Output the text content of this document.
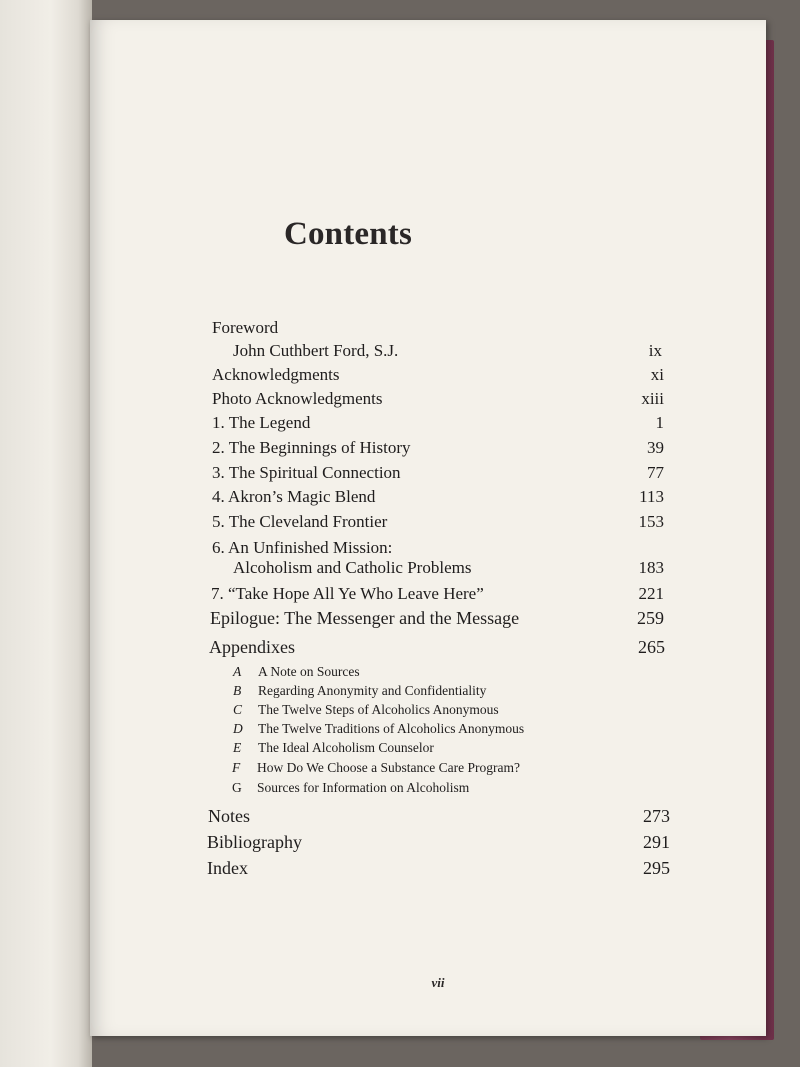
Contents
Foreword
John Cuthbert Ford, S.J.	ix
Acknowledgments	xi
Photo Acknowledgments	xiii
1. The Legend	1
2. The Beginnings of History	39
3. The Spiritual Connection	77
4. Akron’s Magic Blend	113
5. The Cleveland Frontier	153
6. An Unfinished Mission:
Alcoholism and Catholic Problems	183
7. “Take Hope All Ye Who Leave Here”	221
Epilogue: The Messenger and the Message	259
Appendixes	265
A A Note on Sources
B Regarding Anonymity and Confidentiality
C The Twelve Steps of Alcoholics Anonymous
D The Twelve Traditions of Alcoholics Anonymous
E The Ideal Alcoholism Counselor
F How Do We Choose a Substance Care Program?
G Sources for Information on Alcoholism
Notes	273
Bibliography	291
Index	295
vii
